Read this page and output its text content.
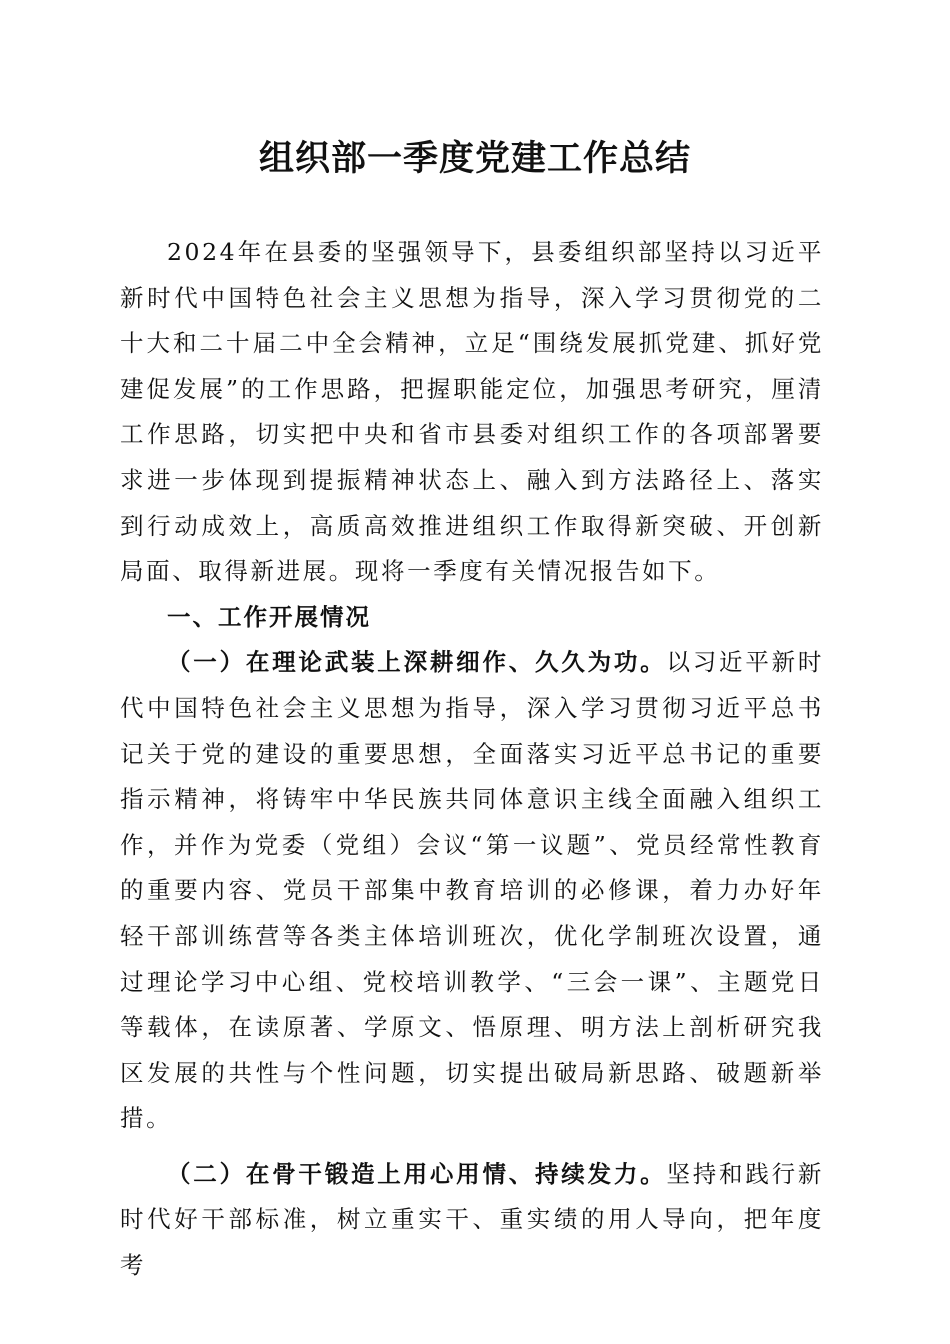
组织部一季度党建工作总结

2024年在县委的坚强领导下，县委组织部坚持以习近平新时代中国特色社会主义思想为指导，深入学习贯彻党的二十大和二十届二中全会精神，立足“围绕发展抓党建、抓好党建促发展”的工作思路，把握职能定位，加强思考研究，厘清工作思路，切实把中央和省市县委对组织工作的各项部署要求进一步体现到提振精神状态上、融入到方法路径上、落实到行动成效上，高质高效推进组织工作取得新突破、开创新局面、取得新进展。现将一季度有关情况报告如下。

一、工作开展情况

（一）在理论武装上深耕细作、久久为功。以习近平新时代中国特色社会主义思想为指导，深入学习贯彻习近平总书记关于党的建设的重要思想，全面落实习近平总书记的重要指示精神，将铸牢中华民族共同体意识主线全面融入组织工作，并作为党委（党组）会议“第一议题”、党员经常性教育的重要内容、党员干部集中教育培训的必修课，着力办好年轻干部训练营等各类主体培训班次，优化学制班次设置，通过理论学习中心组、党校培训教学、“三会一课”、主题党日等载体，在读原著、学原文、悟原理、明方法上剖析研究我区发展的共性与个性问题，切实提出破局新思路、破题新举措。

（二）在骨干锻造上用心用情、持续发力。坚持和践行新时代好干部标准，树立重实干、重实绩的用人导向，把年度考
